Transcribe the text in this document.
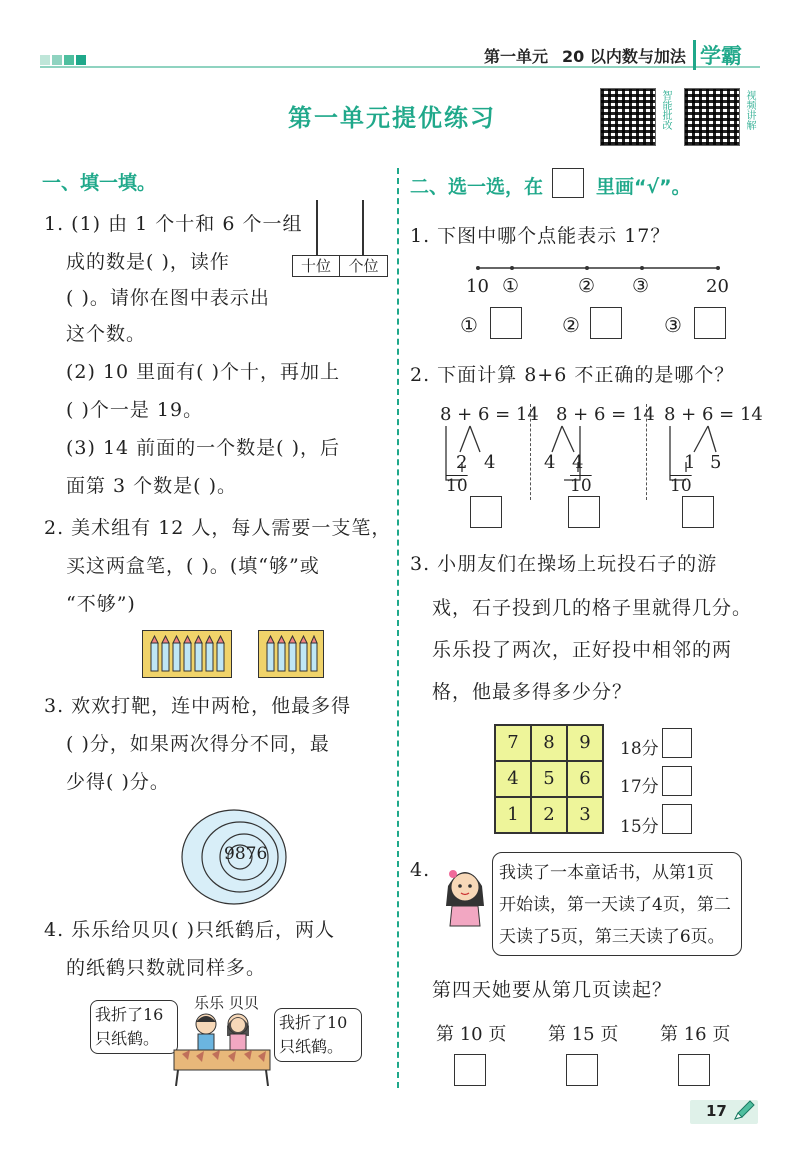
第一单元 20 以内数与加法 学霸
第一单元提优练习	智能批改	视频讲解
一、填一填。
1. (1) 由 1 个十和 6 个一组
成的数是( )，读作
( )。请你在图中表示出
这个数。
十位	个位
(2) 10 里面有( )个十，再加上
( )个一是 19。
(3) 14 前面的一个数是( )，后
面第 3 个数是( )。
2. 美术组有 12 人，每人需要一支笔，
买这两盒笔，( )。(填“够”或
“不够”)
3. 欢欢打靶，连中两枪，他最多得
( )分，如果两次得分不同，最
少得( )分。
9876
4. 乐乐给贝贝( )只纸鹤后，两人
的纸鹤只数就同样多。
乐乐 贝贝
我折了16只纸鹤。
我折了10只纸鹤。
二、选一选，在	里画“√”。
1. 下图中哪个点能表示 17？
10 ①	② ③	20
①	②	③
2. 下面计算 8+6 不正确的是哪个？
8 + 6 = 14
2 4
10
8 + 6 = 14
4 4
10
8 + 6 = 14
1 5
10
3. 小朋友们在操场上玩投石子的游
戏，石子投到几的格子里就得几分。
乐乐投了两次，正好投中相邻的两
格，他最多得多少分？
7	8	9
4	5	6
1	2	3
18分
17分
15分
4.	我读了一本童话书，从第1页
开始读，第一天读了4页，第二
天读了5页，第三天读了6页。
第四天她要从第几页读起？
第 10 页 第 15 页 第 16 页
17
